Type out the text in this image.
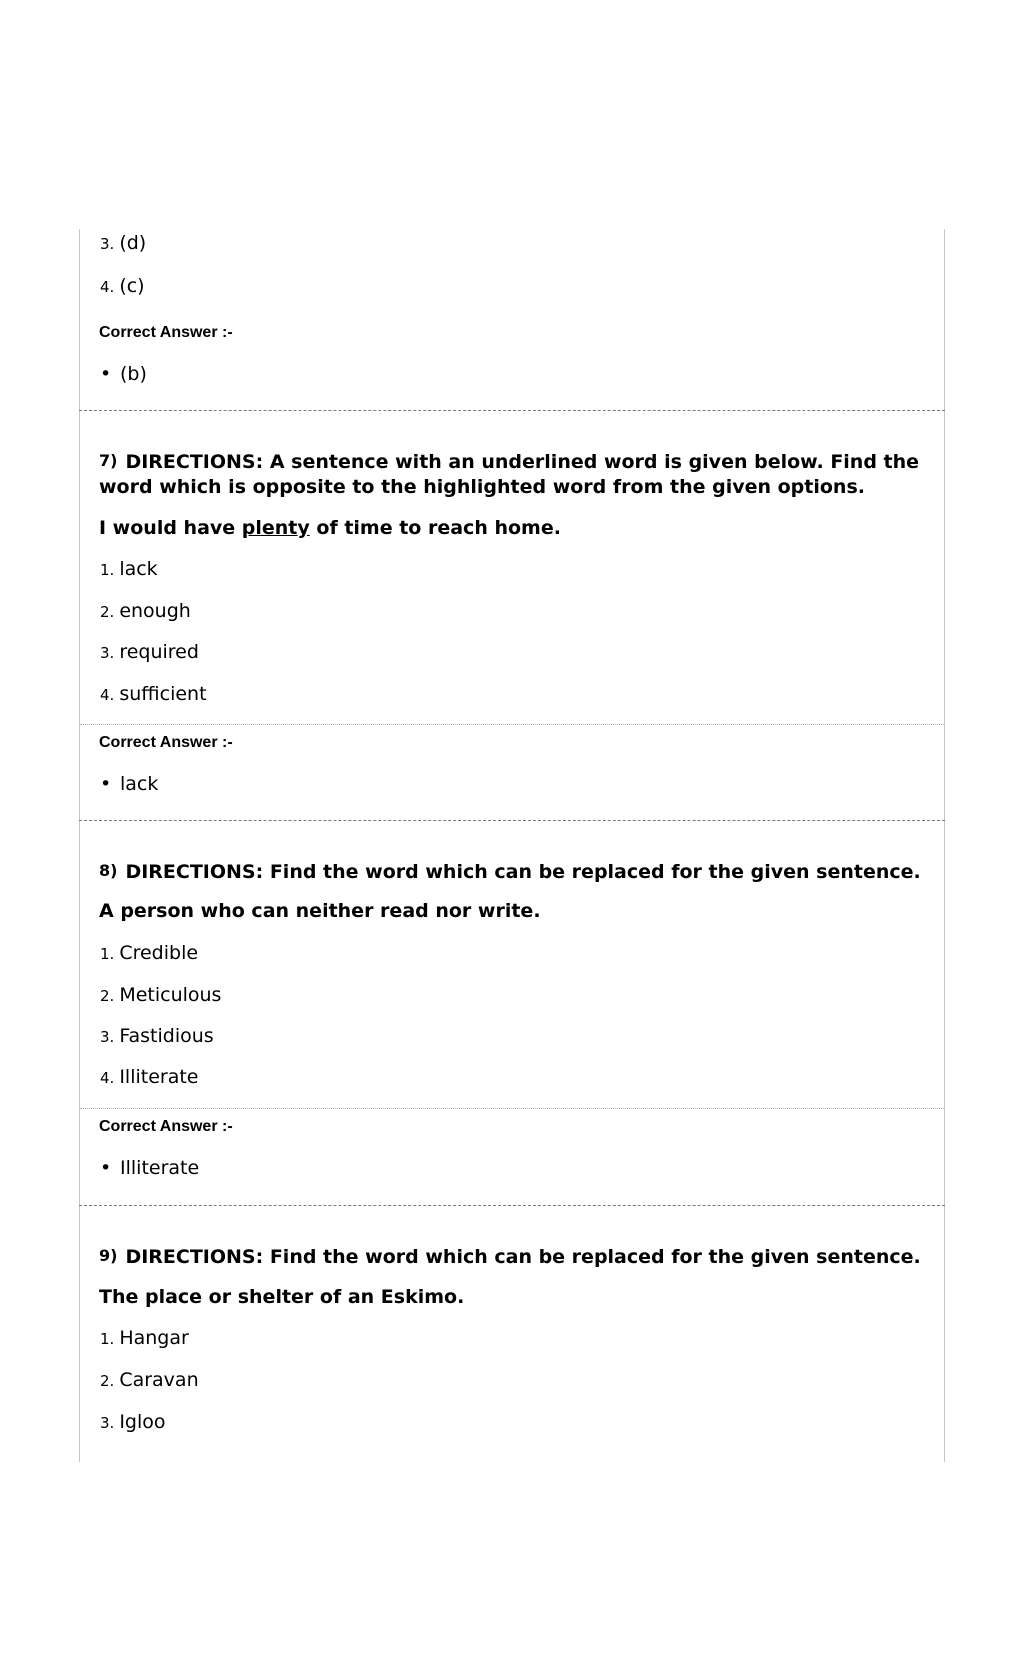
3. (d)
4. (c)
Correct Answer :-
• (b)
7) DIRECTIONS: A sentence with an underlined word is given below. Find the word which is opposite to the highlighted word from the given options.
I would have plenty of time to reach home.
1. lack
2. enough
3. required
4. sufficient
Correct Answer :-
• lack
8) DIRECTIONS: Find the word which can be replaced for the given sentence.
A person who can neither read nor write.
1. Credible
2. Meticulous
3. Fastidious
4. Illiterate
Correct Answer :-
• Illiterate
9) DIRECTIONS: Find the word which can be replaced for the given sentence.
The place or shelter of an Eskimo.
1. Hangar
2. Caravan
3. Igloo
